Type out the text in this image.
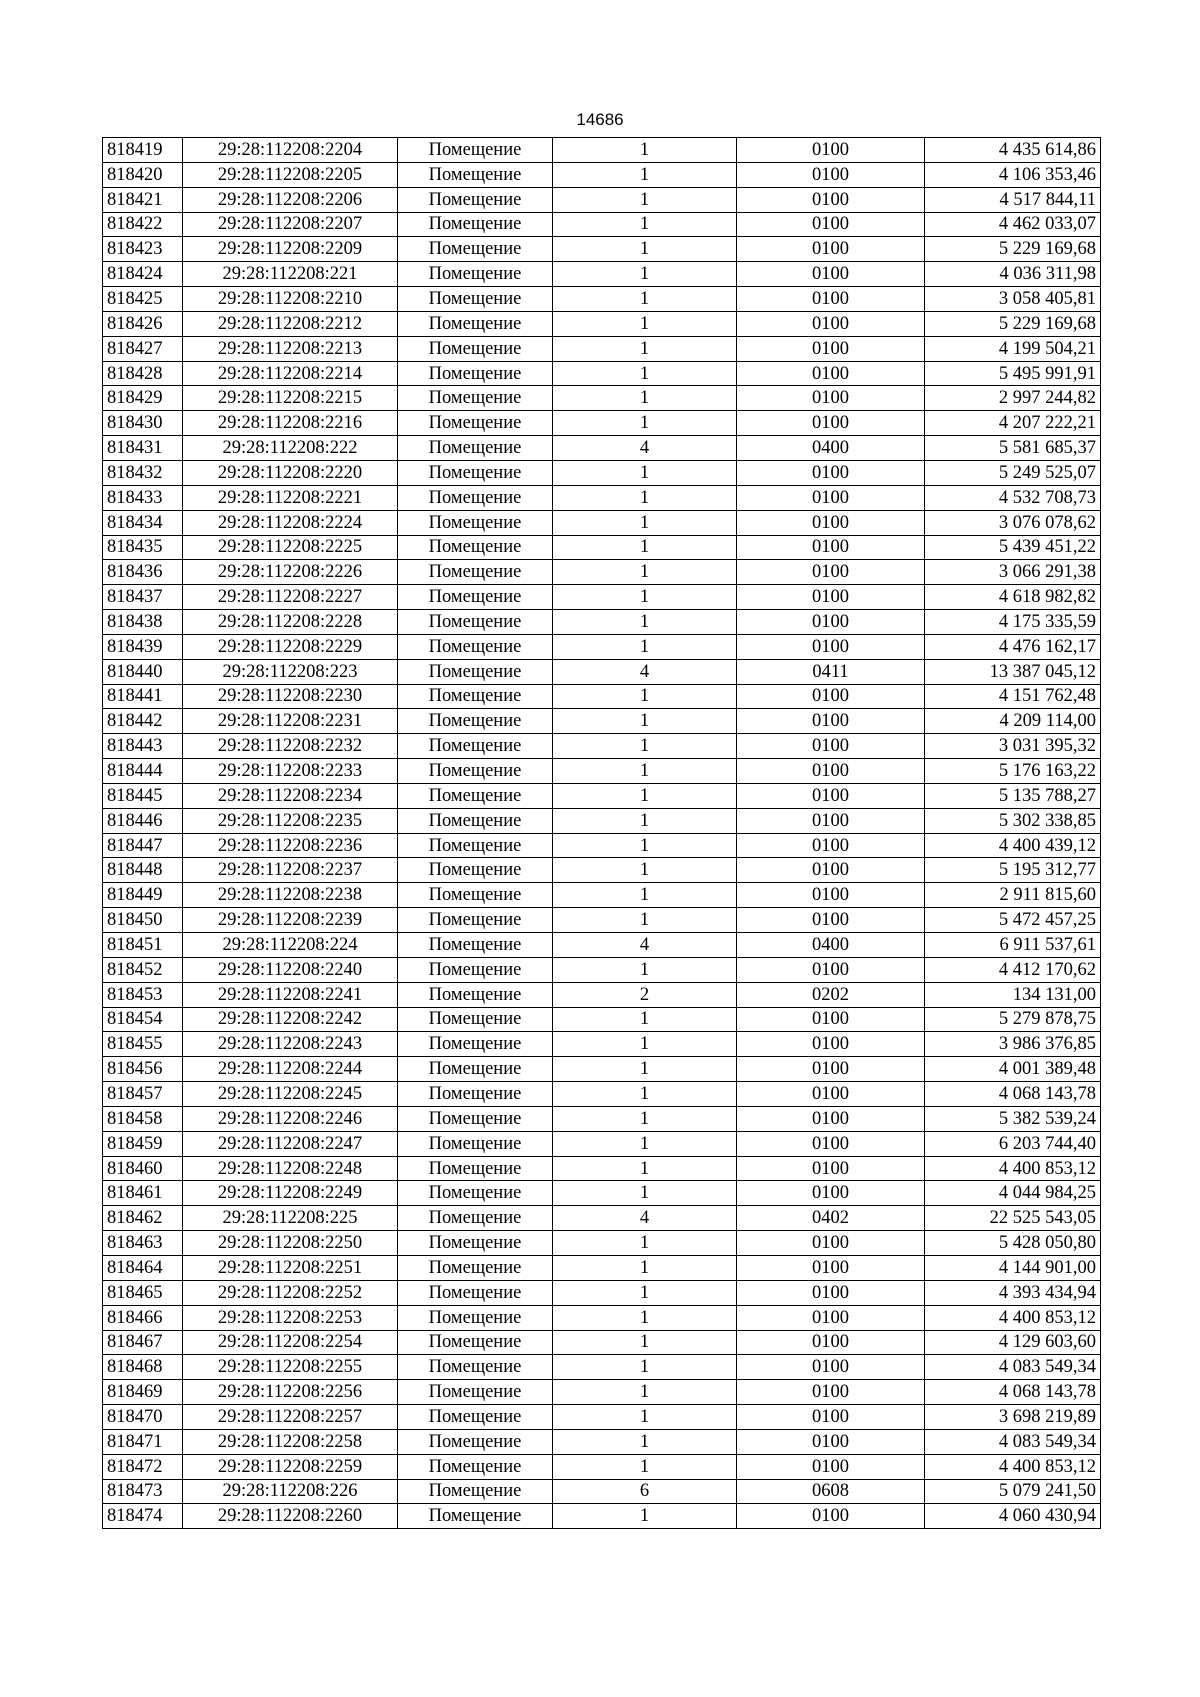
14686
818419	29:28:112208:2204	Помещение	1	0100	4 435 614,86
818420	29:28:112208:2205	Помещение	1	0100	4 106 353,46
818421	29:28:112208:2206	Помещение	1	0100	4 517 844,11
818422	29:28:112208:2207	Помещение	1	0100	4 462 033,07
818423	29:28:112208:2209	Помещение	1	0100	5 229 169,68
818424	29:28:112208:221	Помещение	1	0100	4 036 311,98
818425	29:28:112208:2210	Помещение	1	0100	3 058 405,81
818426	29:28:112208:2212	Помещение	1	0100	5 229 169,68
818427	29:28:112208:2213	Помещение	1	0100	4 199 504,21
818428	29:28:112208:2214	Помещение	1	0100	5 495 991,91
818429	29:28:112208:2215	Помещение	1	0100	2 997 244,82
818430	29:28:112208:2216	Помещение	1	0100	4 207 222,21
818431	29:28:112208:222	Помещение	4	0400	5 581 685,37
818432	29:28:112208:2220	Помещение	1	0100	5 249 525,07
818433	29:28:112208:2221	Помещение	1	0100	4 532 708,73
818434	29:28:112208:2224	Помещение	1	0100	3 076 078,62
818435	29:28:112208:2225	Помещение	1	0100	5 439 451,22
818436	29:28:112208:2226	Помещение	1	0100	3 066 291,38
818437	29:28:112208:2227	Помещение	1	0100	4 618 982,82
818438	29:28:112208:2228	Помещение	1	0100	4 175 335,59
818439	29:28:112208:2229	Помещение	1	0100	4 476 162,17
818440	29:28:112208:223	Помещение	4	0411	13 387 045,12
818441	29:28:112208:2230	Помещение	1	0100	4 151 762,48
818442	29:28:112208:2231	Помещение	1	0100	4 209 114,00
818443	29:28:112208:2232	Помещение	1	0100	3 031 395,32
818444	29:28:112208:2233	Помещение	1	0100	5 176 163,22
818445	29:28:112208:2234	Помещение	1	0100	5 135 788,27
818446	29:28:112208:2235	Помещение	1	0100	5 302 338,85
818447	29:28:112208:2236	Помещение	1	0100	4 400 439,12
818448	29:28:112208:2237	Помещение	1	0100	5 195 312,77
818449	29:28:112208:2238	Помещение	1	0100	2 911 815,60
818450	29:28:112208:2239	Помещение	1	0100	5 472 457,25
818451	29:28:112208:224	Помещение	4	0400	6 911 537,61
818452	29:28:112208:2240	Помещение	1	0100	4 412 170,62
818453	29:28:112208:2241	Помещение	2	0202	134 131,00
818454	29:28:112208:2242	Помещение	1	0100	5 279 878,75
818455	29:28:112208:2243	Помещение	1	0100	3 986 376,85
818456	29:28:112208:2244	Помещение	1	0100	4 001 389,48
818457	29:28:112208:2245	Помещение	1	0100	4 068 143,78
818458	29:28:112208:2246	Помещение	1	0100	5 382 539,24
818459	29:28:112208:2247	Помещение	1	0100	6 203 744,40
818460	29:28:112208:2248	Помещение	1	0100	4 400 853,12
818461	29:28:112208:2249	Помещение	1	0100	4 044 984,25
818462	29:28:112208:225	Помещение	4	0402	22 525 543,05
818463	29:28:112208:2250	Помещение	1	0100	5 428 050,80
818464	29:28:112208:2251	Помещение	1	0100	4 144 901,00
818465	29:28:112208:2252	Помещение	1	0100	4 393 434,94
818466	29:28:112208:2253	Помещение	1	0100	4 400 853,12
818467	29:28:112208:2254	Помещение	1	0100	4 129 603,60
818468	29:28:112208:2255	Помещение	1	0100	4 083 549,34
818469	29:28:112208:2256	Помещение	1	0100	4 068 143,78
818470	29:28:112208:2257	Помещение	1	0100	3 698 219,89
818471	29:28:112208:2258	Помещение	1	0100	4 083 549,34
818472	29:28:112208:2259	Помещение	1	0100	4 400 853,12
818473	29:28:112208:226	Помещение	6	0608	5 079 241,50
818474	29:28:112208:2260	Помещение	1	0100	4 060 430,94
